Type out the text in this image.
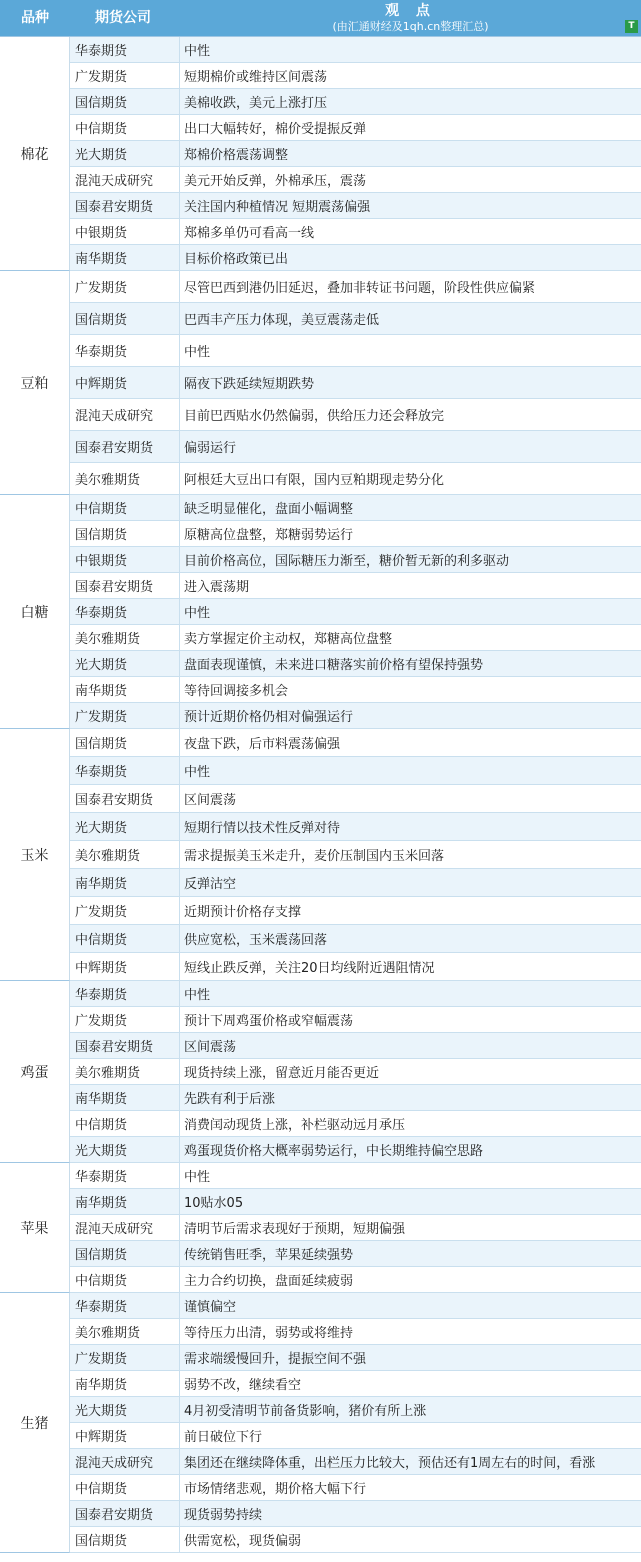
品种	期货公司	观 点
(由汇通财经及1qh.cn整理汇总)	T
棉花
华泰期货	中性
广发期货	短期棉价或维持区间震荡
国信期货	美棉收跌，美元上涨打压
中信期货	出口大幅转好，棉价受提振反弹
光大期货	郑棉价格震荡调整
混沌天成研究	美元开始反弹，外棉承压，震荡
国泰君安期货	关注国内种植情况 短期震荡偏强
中银期货	郑棉多单仍可看高一线
南华期货	目标价格政策已出
豆粕
广发期货	尽管巴西到港仍旧延迟，叠加非转证书问题，阶段性供应偏紧
国信期货	巴西丰产压力体现，美豆震荡走低
华泰期货	中性
中辉期货	隔夜下跌延续短期跌势
混沌天成研究	目前巴西贴水仍然偏弱，供给压力还会释放完
国泰君安期货	偏弱运行
美尔雅期货	阿根廷大豆出口有限，国内豆粕期现走势分化
白糖
中信期货	缺乏明显催化，盘面小幅调整
国信期货	原糖高位盘整，郑糖弱势运行
中银期货	目前价格高位，国际糖压力渐至，糖价暂无新的利多驱动
国泰君安期货	进入震荡期
华泰期货	中性
美尔雅期货	卖方掌握定价主动权，郑糖高位盘整
光大期货	盘面表现谨慎，未来进口糖落实前价格有望保持强势
南华期货	等待回调接多机会
广发期货	预计近期价格仍相对偏强运行
玉米
国信期货	夜盘下跌，后市料震荡偏强
华泰期货	中性
国泰君安期货	区间震荡
光大期货	短期行情以技术性反弹对待
美尔雅期货	需求提振美玉米走升，麦价压制国内玉米回落
南华期货	反弹沽空
广发期货	近期预计价格存支撑
中信期货	供应宽松，玉米震荡回落
中辉期货	短线止跌反弹，关注20日均线附近遇阻情况
鸡蛋
华泰期货	中性
广发期货	预计下周鸡蛋价格或窄幅震荡
国泰君安期货	区间震荡
美尔雅期货	现货持续上涨，留意近月能否更近
南华期货	先跌有利于后涨
中信期货	消费闰动现货上涨，补栏驱动远月承压
光大期货	鸡蛋现货价格大概率弱势运行，中长期维持偏空思路
苹果
华泰期货	中性
南华期货	10贴水05
混沌天成研究	清明节后需求表现好于预期，短期偏强
国信期货	传统销售旺季，苹果延续强势
中信期货	主力合约切换，盘面延续疲弱
生猪
华泰期货	谨慎偏空
美尔雅期货	等待压力出清，弱势或将维持
广发期货	需求端缓慢回升，提振空间不强
南华期货	弱势不改，继续看空
光大期货	4月初受清明节前备货影响，猪价有所上涨
中辉期货	前日破位下行
混沌天成研究	集团还在继续降体重，出栏压力比较大，预估还有1周左右的时间，看涨
中信期货	市场情绪悲观，期价格大幅下行
国泰君安期货	现货弱势持续
国信期货	供需宽松，现货偏弱
